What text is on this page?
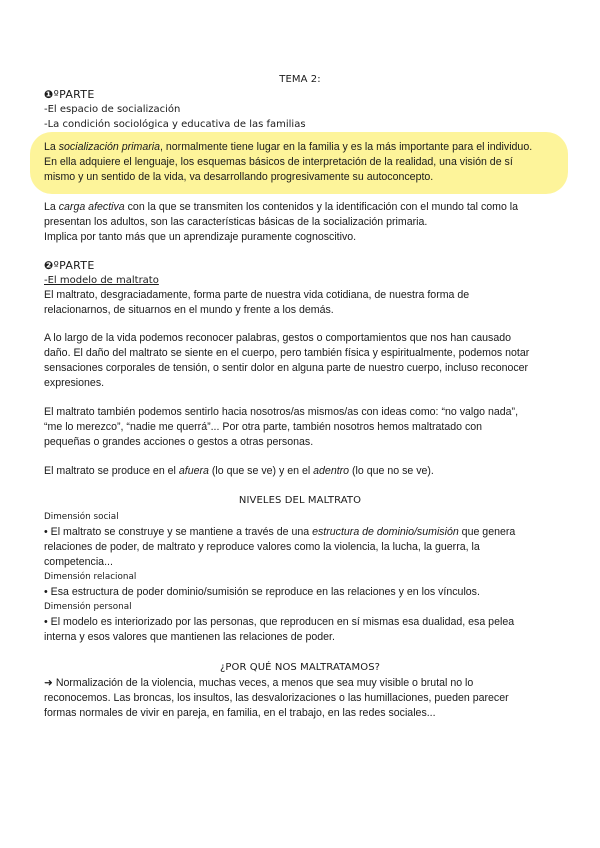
TEMA 2:
❶ºPARTE
-El espacio de socialización
-La condición sociológica y educativa de las familias
La socialización primaria, normalmente tiene lugar en la familia y es la más importante para el individuo.
En ella adquiere el lenguaje, los esquemas básicos de interpretación de la realidad, una visión de sí
mismo y un sentido de la vida, va desarrollando progresivamente su autoconcepto.
La carga afectiva con la que se transmiten los contenidos y la identificación con el mundo tal como la
presentan los adultos, son las características básicas de la socialización primaria.
Implica por tanto más que un aprendizaje puramente cognoscitivo.
❷ºPARTE
-El modelo de maltrato
El maltrato, desgraciadamente, forma parte de nuestra vida cotidiana, de nuestra forma de
relacionarnos, de situarnos en el mundo y frente a los demás.
A lo largo de la vida podemos reconocer palabras, gestos o comportamientos que nos han causado
daño. El daño del maltrato se siente en el cuerpo, pero también física y espiritualmente, podemos notar
sensaciones corporales de tensión, o sentir dolor en alguna parte de nuestro cuerpo, incluso reconocer
expresiones.
El maltrato también podemos sentirlo hacia nosotros/as mismos/as con ideas como: “no valgo nada”,
“me lo merezco”, “nadie me querrá”... Por otra parte, también nosotros hemos maltratado con
pequeñas o grandes acciones o gestos a otras personas.
El maltrato se produce en el afuera (lo que se ve) y en el adentro (lo que no se ve).
NIVELES DEL MALTRATO
Dimensión social
• El maltrato se construye y se mantiene a través de una estructura de dominio/sumisión que genera
relaciones de poder, de maltrato y reproduce valores como la violencia, la lucha, la guerra, la
competencia...
Dimensión relacional
• Esa estructura de poder dominio/sumisión se reproduce en las relaciones y en los vínculos.
Dimensión personal
• El modelo es interiorizado por las personas, que reproducen en sí mismas esa dualidad, esa pelea
interna y esos valores que mantienen las relaciones de poder.
¿POR QUÉ NOS MALTRATAMOS?
➜ Normalización de la violencia, muchas veces, a menos que sea muy visible o brutal no lo
reconocemos. Las broncas, los insultos, las desvalorizaciones o las humillaciones, pueden parecer
formas normales de vivir en pareja, en familia, en el trabajo, en las redes sociales...
